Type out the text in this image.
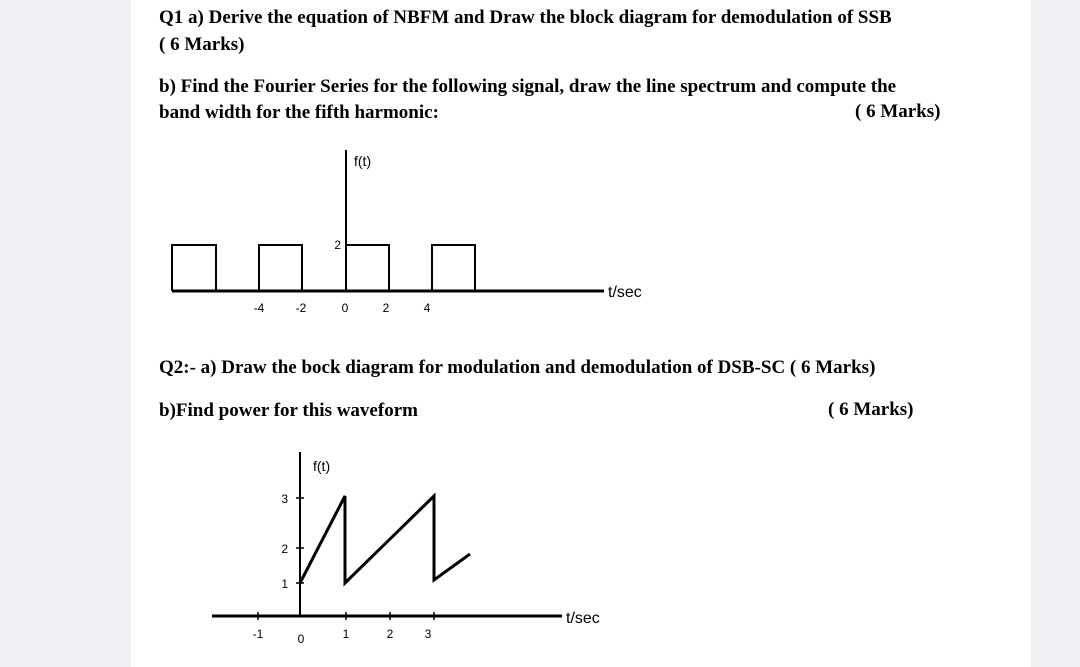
Q1 a) Derive the equation of NBFM and Draw the block diagram for demodulation of SSB
( 6 Marks)
b) Find the Fourier Series for the following signal, draw the line spectrum and compute the
band width for the fifth harmonic:	( 6 Marks)
2
f(t)
t/sec
-4	-2	0	2	4
Q2:- a) Draw the bock diagram for modulation and demodulation of DSB-SC ( 6 Marks)
b)Find power for this waveform	( 6 Marks)
f(t)
t/sec
3
2
1
-1	0	1	2	3
